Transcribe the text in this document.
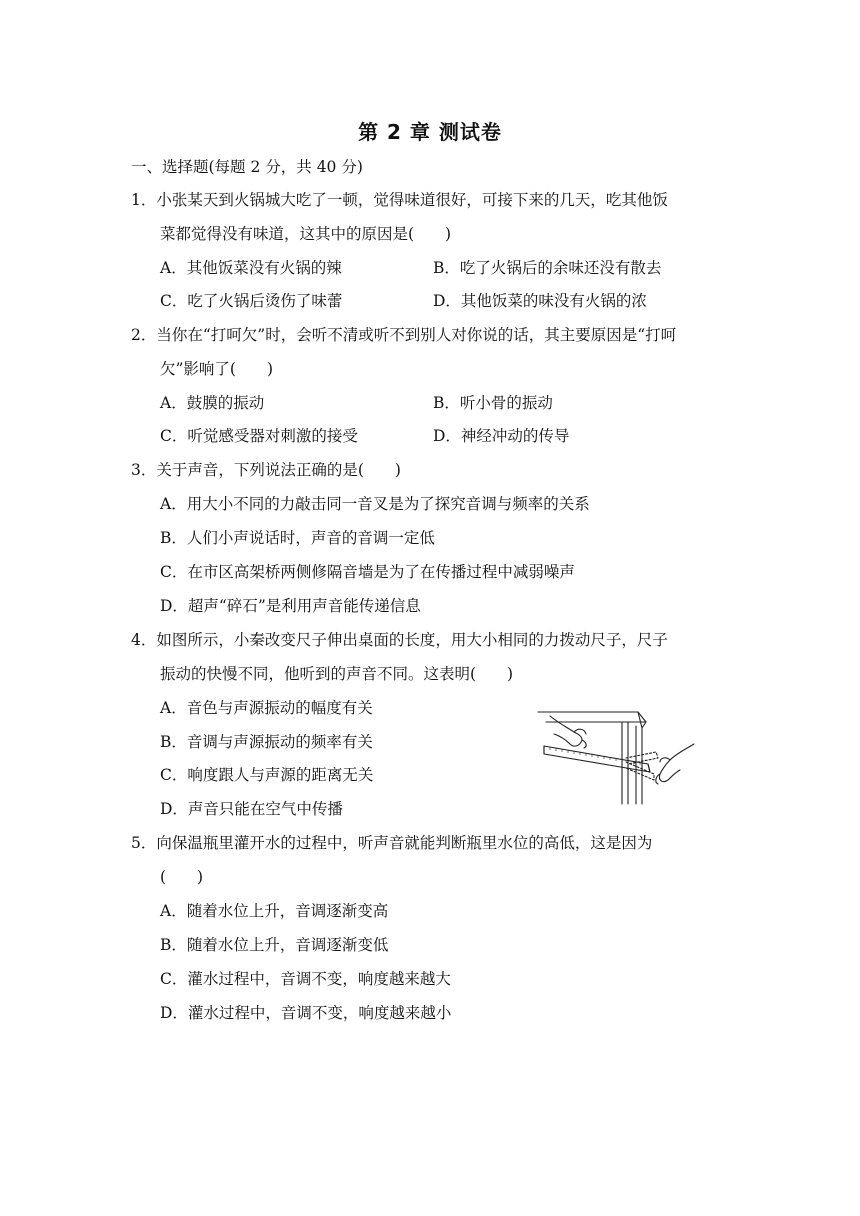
第 2 章 测试卷
一、选择题(每题 2 分，共 40 分)
1．小张某天到火锅城大吃了一顿，觉得味道很好，可接下来的几天，吃其他饭
菜都觉得没有味道，这其中的原因是(　　)
A．其他饭菜没有火锅的辣	B．吃了火锅后的余味还没有散去
C．吃了火锅后烫伤了味蕾	D．其他饭菜的味没有火锅的浓
2．当你在“打呵欠”时，会听不清或听不到别人对你说的话，其主要原因是“打呵
欠”影响了(　　)
A．鼓膜的振动	B．听小骨的振动
C．听觉感受器对刺激的接受	D．神经冲动的传导
3．关于声音，下列说法正确的是(　　)
A．用大小不同的力敲击同一音叉是为了探究音调与频率的关系
B．人们小声说话时，声音的音调一定低
C．在市区高架桥两侧修隔音墙是为了在传播过程中减弱噪声
D．超声“碎石”是利用声音能传递信息
4．如图所示，小秦改变尺子伸出桌面的长度，用大小相同的力拨动尺子，尺子
振动的快慢不同，他听到的声音不同。这表明(　　)
A．音色与声源振动的幅度有关
B．音调与声源振动的频率有关
C．响度跟人与声源的距离无关
D．声音只能在空气中传播
5．向保温瓶里灌开水的过程中，听声音就能判断瓶里水位的高低，这是因为
(　　)
A．随着水位上升，音调逐渐变高
B．随着水位上升，音调逐渐变低
C．灌水过程中，音调不变，响度越来越大
D．灌水过程中，音调不变，响度越来越小
